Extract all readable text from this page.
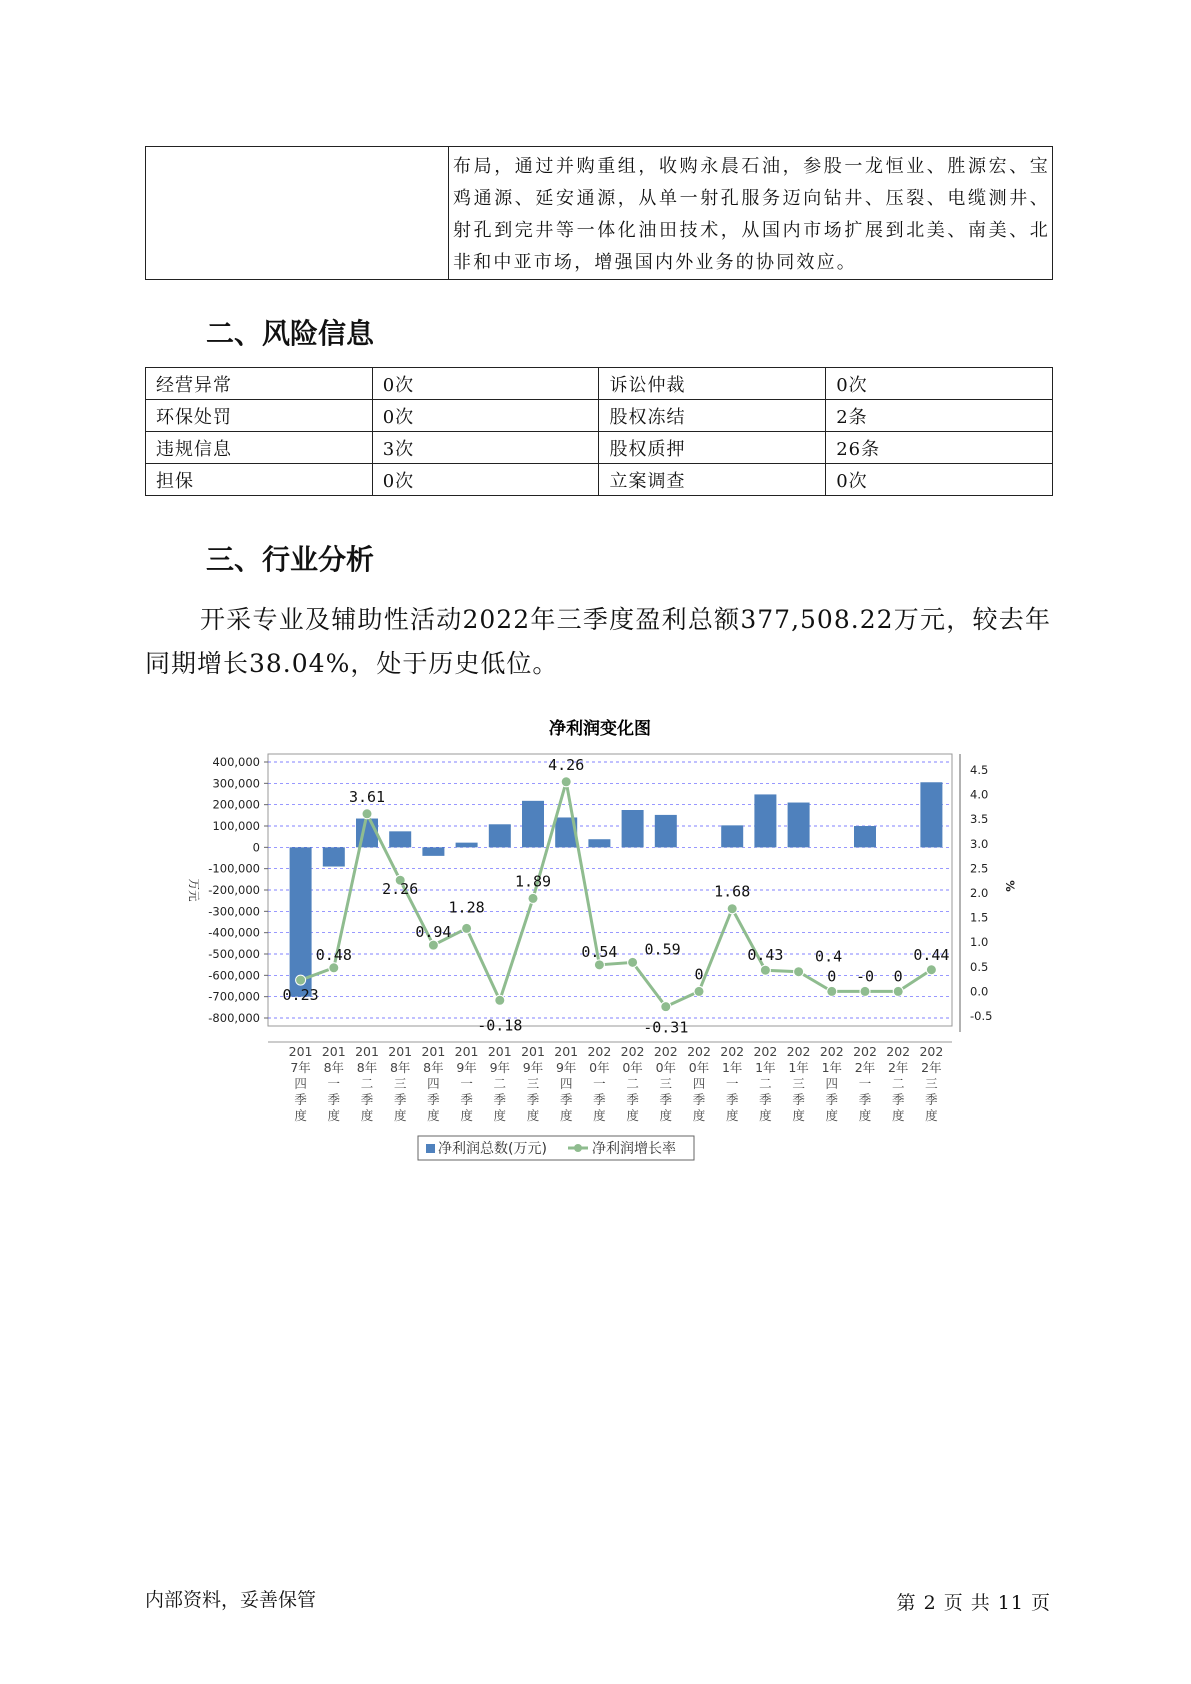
	布局，通过并购重组，收购永晨石油，参股一龙恒业、胜源宏、宝鸡通源、延安通源，从单一射孔服务迈向钻井、压裂、电缆测井、射孔到完井等一体化油田技术，从国内市场扩展到北美、南美、北非和中亚市场，增强国内外业务的协同效应。
二、风险信息
经营异常	0次	诉讼仲裁	0次
环保处罚	0次	股权冻结	2条
违规信息	3次	股权质押	26条
担保	0次	立案调查	0次
三、行业分析

开采专业及辅助性活动2022年三季度盈利总额377,508.22万元，较去年同期增长38.04%，处于历史低位。

净利润变化图
400,000
300,000
200,000
100,000
0
-100,000
-200,000
-300,000
-400,000
-500,000
-600,000
-700,000
-800,000
4.5
4.0
3.5
3.0
2.5
2.0
1.5
1.0
0.5
0.0
-0.5
万元	%
0.23
0.48
3.61
2.26
0.94
1.28
-0.18
1.89
4.26
0.54 0.59
-0.31
0
1.68
0.43 0.4
0 -0 0
0.44
201
7年
四
季
度
201
8年
一
季
度
201
8年
二
季
度
201
8年
三
季
度
201
8年
四
季
度
201
9年
一
季
度
201
9年
二
季
度
201
9年
三
季
度
201
9年
四
季
度
202
0年
一
季
度
202
0年
二
季
度
202
0年
三
季
度
202
0年
四
季
度
202
1年
一
季
度
202
1年
二
季
度
202
1年
三
季
度
202
1年
四
季
度
202
2年
一
季
度
202
2年
二
季
度
202
2年
三
季
度
净利润总数(万元)	净利润增长率

内部资料，妥善保管	第 2 页 共 11 页
